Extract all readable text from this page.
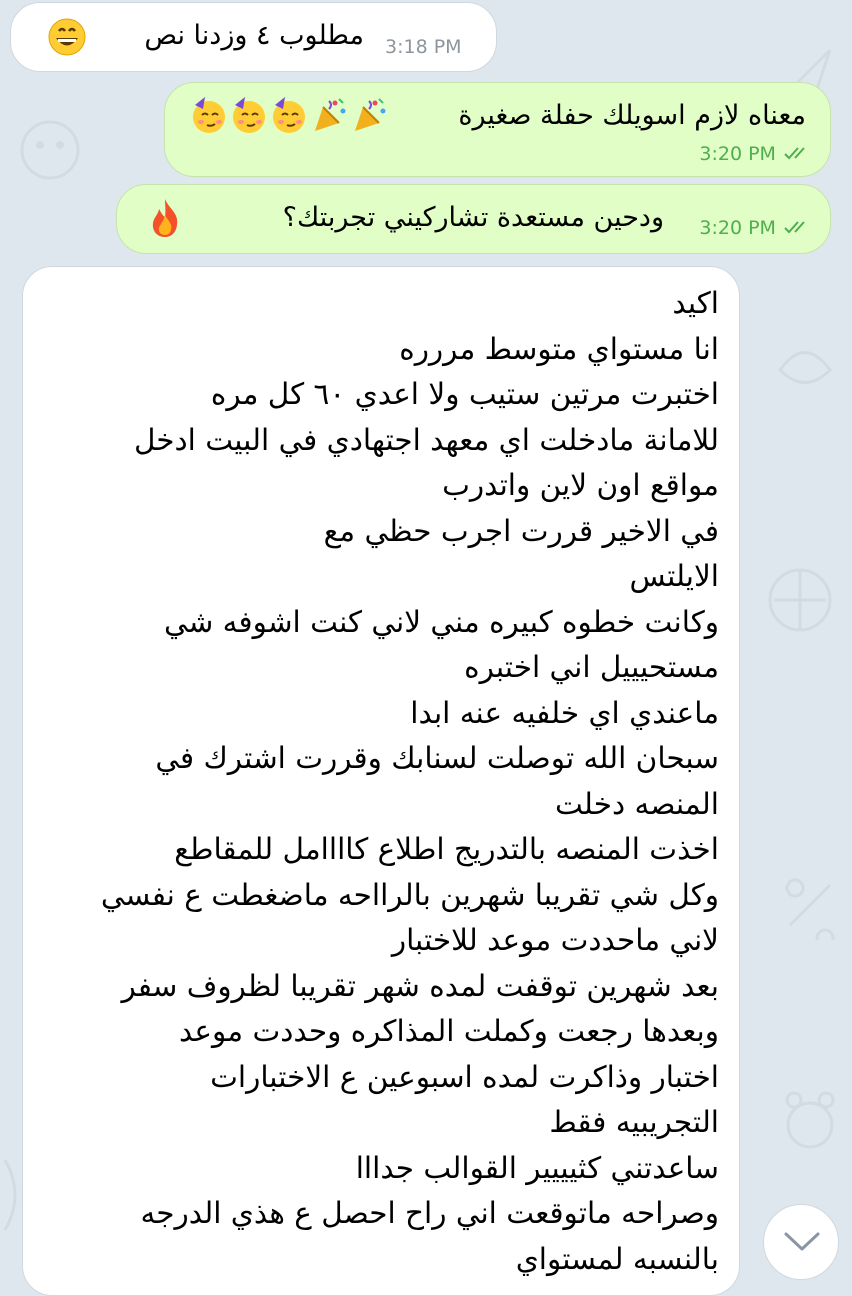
مطلوب ٤ وزدنا نص 3:18 PM
معناه لازم اسويلك حفلة صغيرة
3:20 PM
ودحين مستعدة تشاركيني تجربتك؟ 3:20 PM
اكيد
انا مستواي متوسط مررره
اختبرت مرتين ستيب ولا اعدي ٦٠ كل مره
للامانة مادخلت اي معهد اجتهادي في البيت ادخل
مواقع اون لاين واتدرب
في الاخير قررت اجرب حظي مع
الايلتس
وكانت خطوه كبيره مني لاني كنت اشوفه شي
مستحيييل اني اختبره
ماعندي اي خلفيه عنه ابدا
سبحان الله توصلت لسنابك وقررت اشترك في
المنصه دخلت
اخذت المنصه بالتدريج اطلاع كاااامل للمقاطع
وكل شي تقريبا شهرين بالرااحه ماضغطت ع نفسي
لاني ماحددت موعد للاختبار
بعد شهرين توقفت لمده شهر تقريبا لظروف سفر
وبعدها رجعت وكملت المذاكره وحددت موعد
اختبار وذاكرت لمده اسبوعين ع الاختبارات
التجريبيه فقط
ساعدتني كثيييير القوالب جدااا
وصراحه ماتوقعت اني راح احصل ع هذي الدرجه
بالنسبه لمستواي
